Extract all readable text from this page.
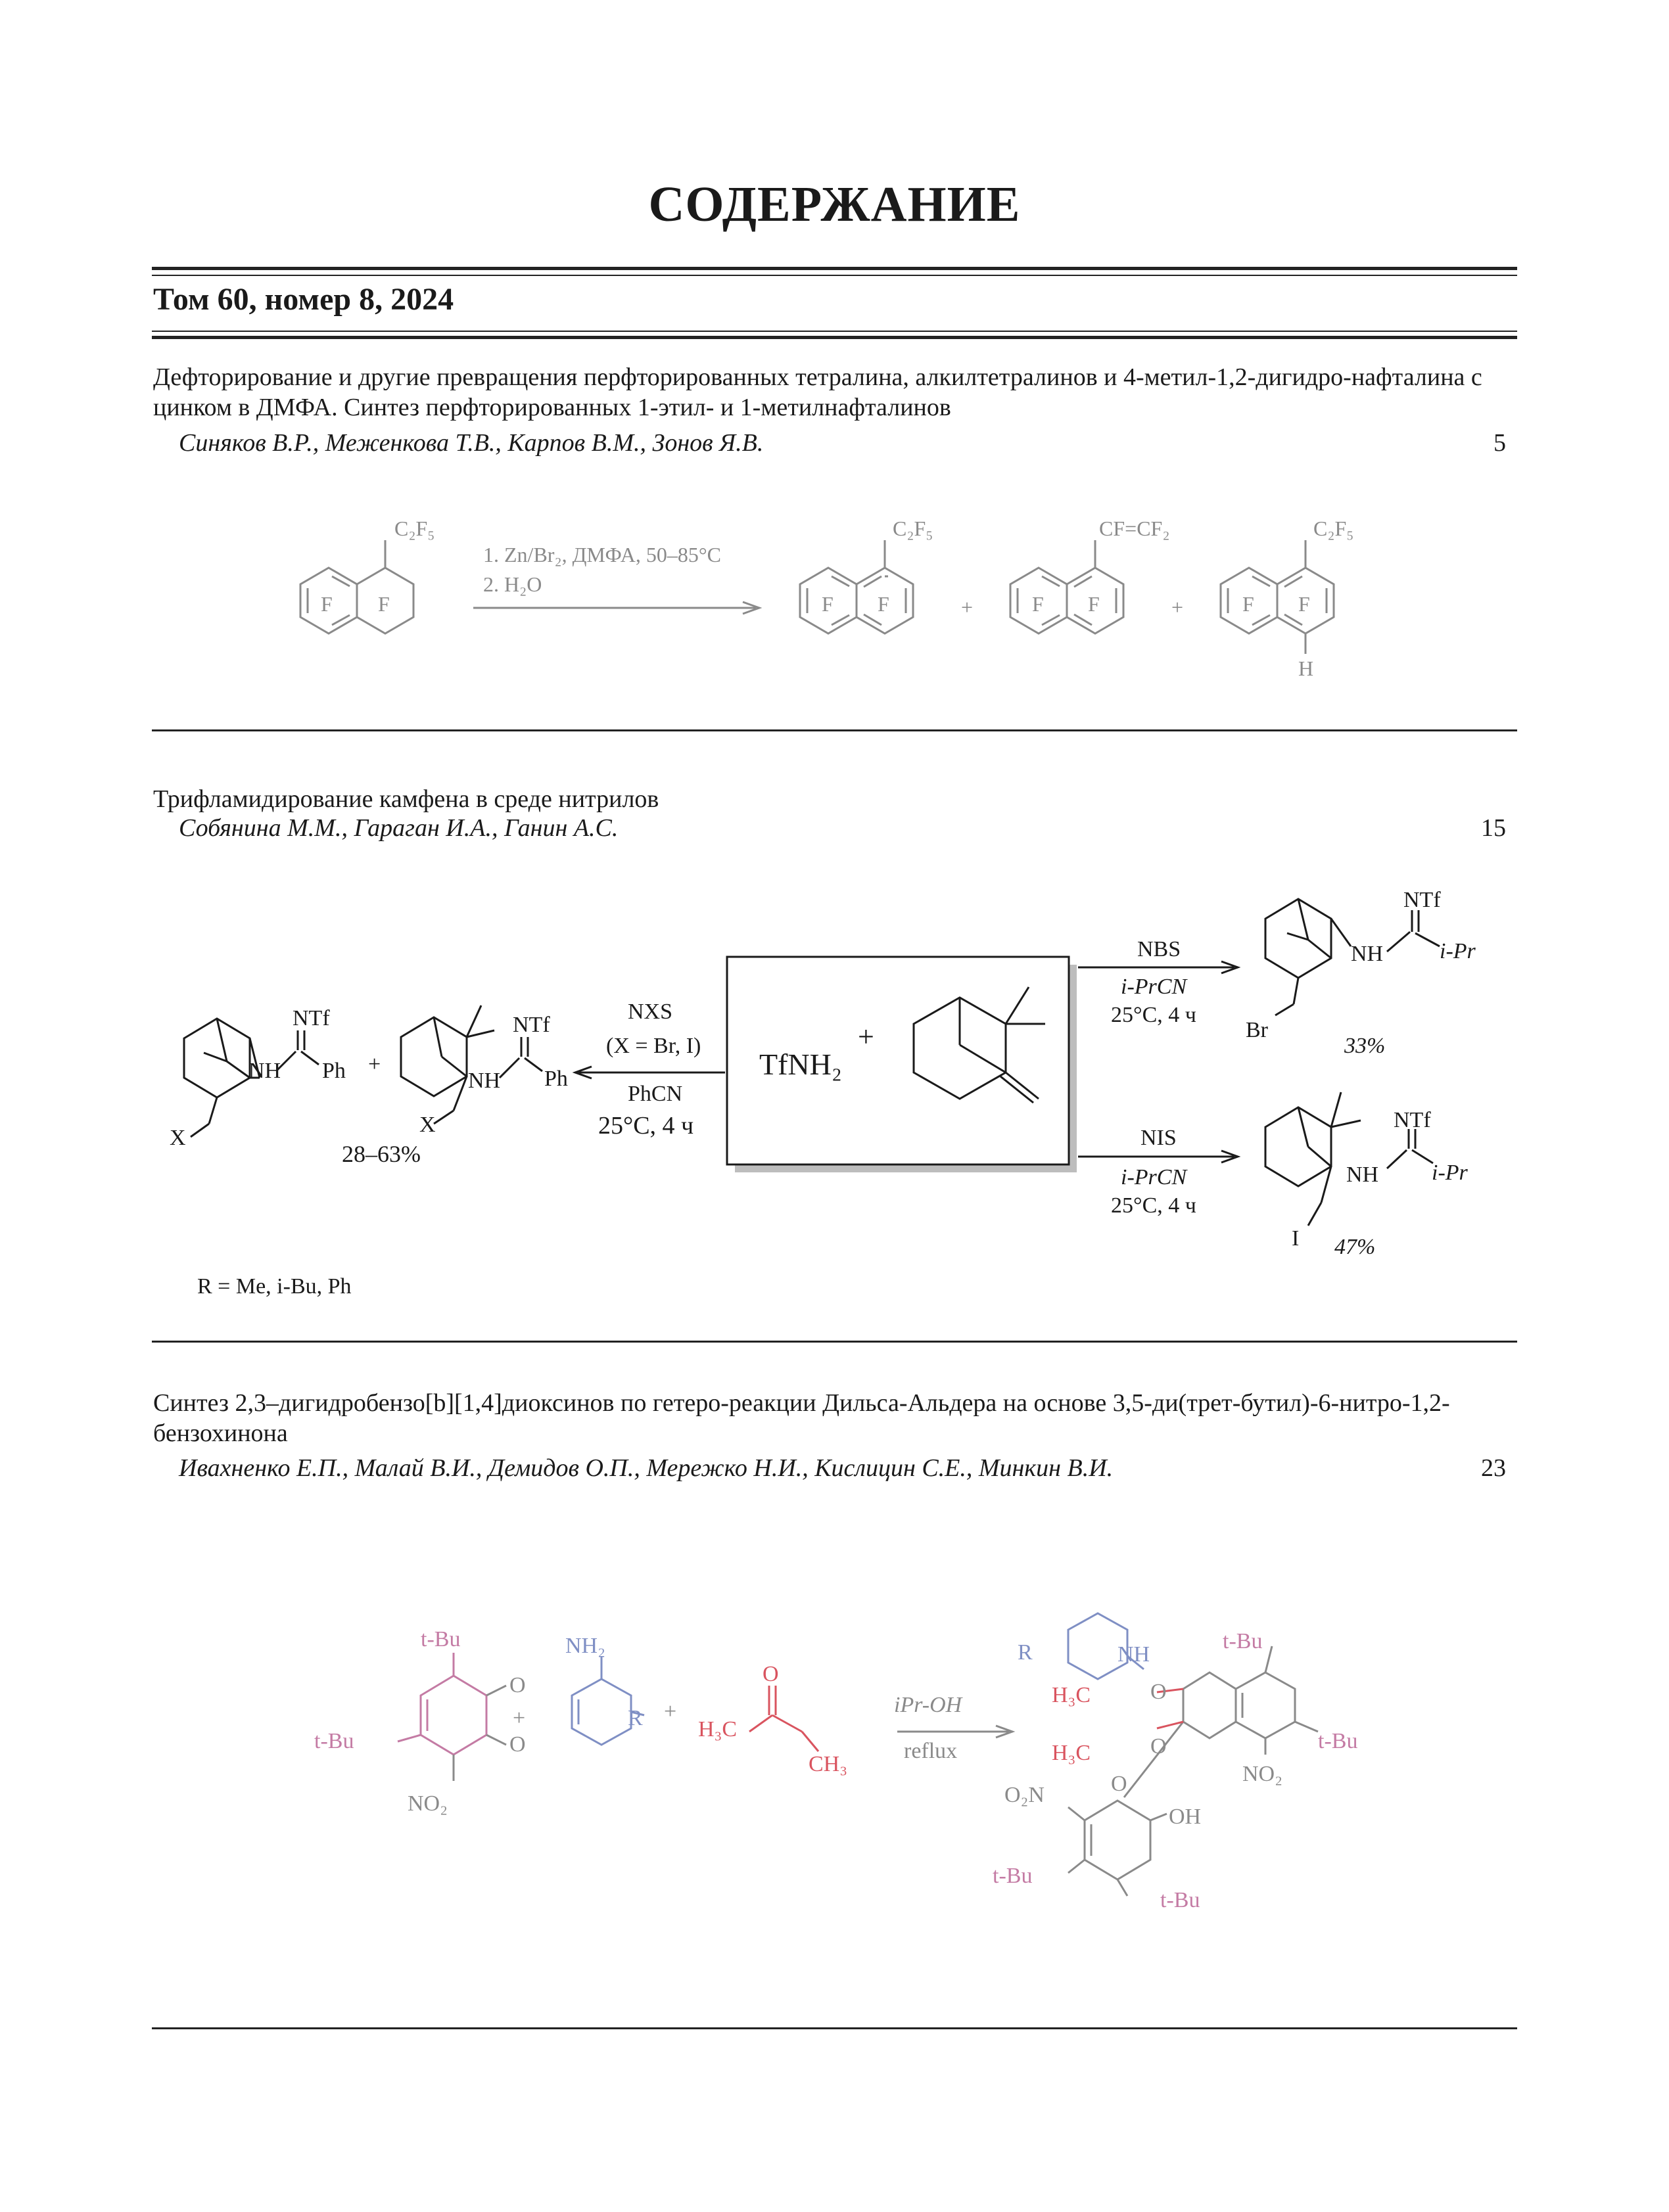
СОДЕРЖАНИЕ
Том 60, номер 8, 2024
Дефторирование и другие превращения перфторированных тетралина, алкилтетралинов и 4-метил-1,2-дигидро-нафталина с цинком в ДМФА. Синтез перфторированных 1-этил- и 1-метилнафталинов
Синяков В.Р., Меженкова Т.В., Карпов В.М., Зонов Я.В.	5
C₂F₅
F F
1. Zn/Br₂, ДМФА, 50–85°C
2. H₂O
C₂F₅
F F	+
CF=CF₂
F F	+
C₂F₅
F F
H
Трифламидирование камфена в среде нитрилов
Собянина М.М., Гараган И.А., Ганин А.С.	15
TfNH₂
+
NXS
(X = Br, I)
PhCN
25°C, 4 ч
NBS
i-PrCN
25°C, 4 ч
NIS
i-PrCN
25°C, 4 ч
NTf
NH Ph
X
+
NTf
NH Ph
X
28–63%
NTf
NH	i-Pr
Br
33%
NTf
NH i-Pr
I 47%
R = Me, i-Bu, Ph
Синтез 2,3–дигидробензо[b][1,4]диоксинов по гетеро-реакции Дильса-Альдера на основе 3,5-ди(трет-бутил)-6-нитро-1,2-бензохинона
Ивахненко Е.П., Малай В.И., Демидов О.П., Мережко Н.И., Кислицин С.Е., Минкин В.И.	23
t-Bu
O
O
t-Bu
NO₂
+
NH₂
R +
O
H₃C
CH₃
iPr-OH
reflux
R	NH
t-Bu
H₃C	O
H₃C	O
O
t-Bu
NO₂
O₂N
OH
t-Bu
t-Bu
